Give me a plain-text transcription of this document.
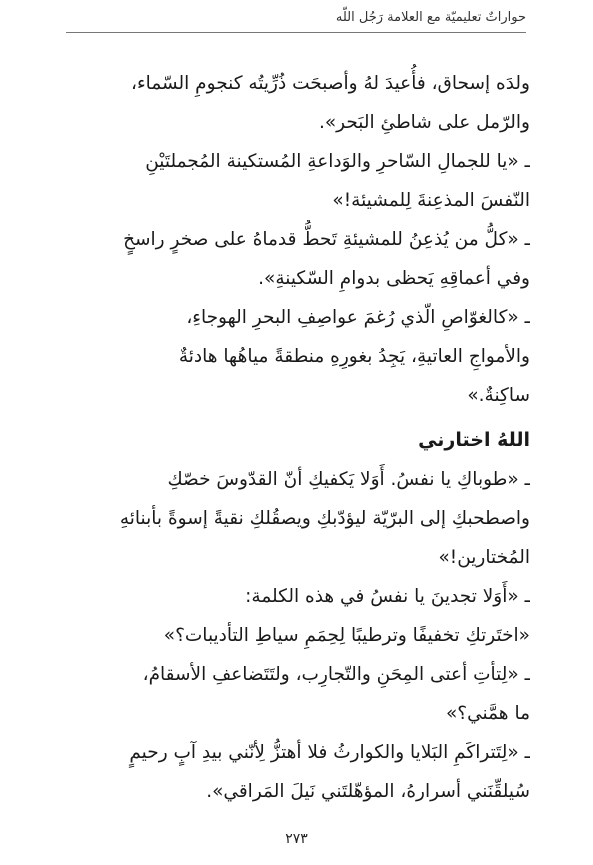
حواراتٌ تعليميّة مع العلامة رَجُل اللّه
ولدَه إسحاق، فأُعيدَ لهُ وأصبحَت ذُرِّيتُه كنجومِ السّماء،
والرّمل على شاطئِ البَحر».
ـ «يا للجمالِ السّاحرِ والوَداعةِ المُستكينة المُجملتَيْنِ
النّفسَ المذعِنةَ لِلمشيئة!»
ـ «كلُّ من يُذعِنُ للمشيئةِ تَحطُّ قدماهُ على صخرٍ راسخٍ
وفي أعماقِهِ يَحظى بدوامِ السّكينةِ».
ـ «كالغوّاصِ الّذي رُغمَ عواصِفِ البحرِ الهوجاءِ،
والأمواجِ العاتيةِ، يَجِدُ بغورِهِ منطقةً مياهُها هادئةٌ
ساكِنةٌ.»
اللهُ اختارني
ـ «طوباكِ يا نفسُ. أَوَلا يَكفيكِ أنّ القدّوسَ خصّكِ
واصطحبكِ إلى البرّيّة ليؤدّبكِ ويصقُلكِ نقيةً إسوةً بأبنائهِ
المُختارين!»
ـ «أَوَلا تجدينَ يا نفسُ في هذه الكلمة:
«اختَرتكِ تخفيفًا وترطيبًا لِحِمَمِ سياطِ التأديبات؟»
ـ «لِتأتِ أعتى المِحَنِ والتّجارِب، ولتَتَضاعفِ الأسقامُ،
ما همَّني؟»
ـ «لِتَتراكَمِ البَلايا والكوارثُ فلا أهتزُّ لِأنّني بيدِ آبٍ رحيمٍ
سُيلقِّنَني أسرارهُ، المؤهّلتَني نَيلَ المَراقي».
٢٧٣
